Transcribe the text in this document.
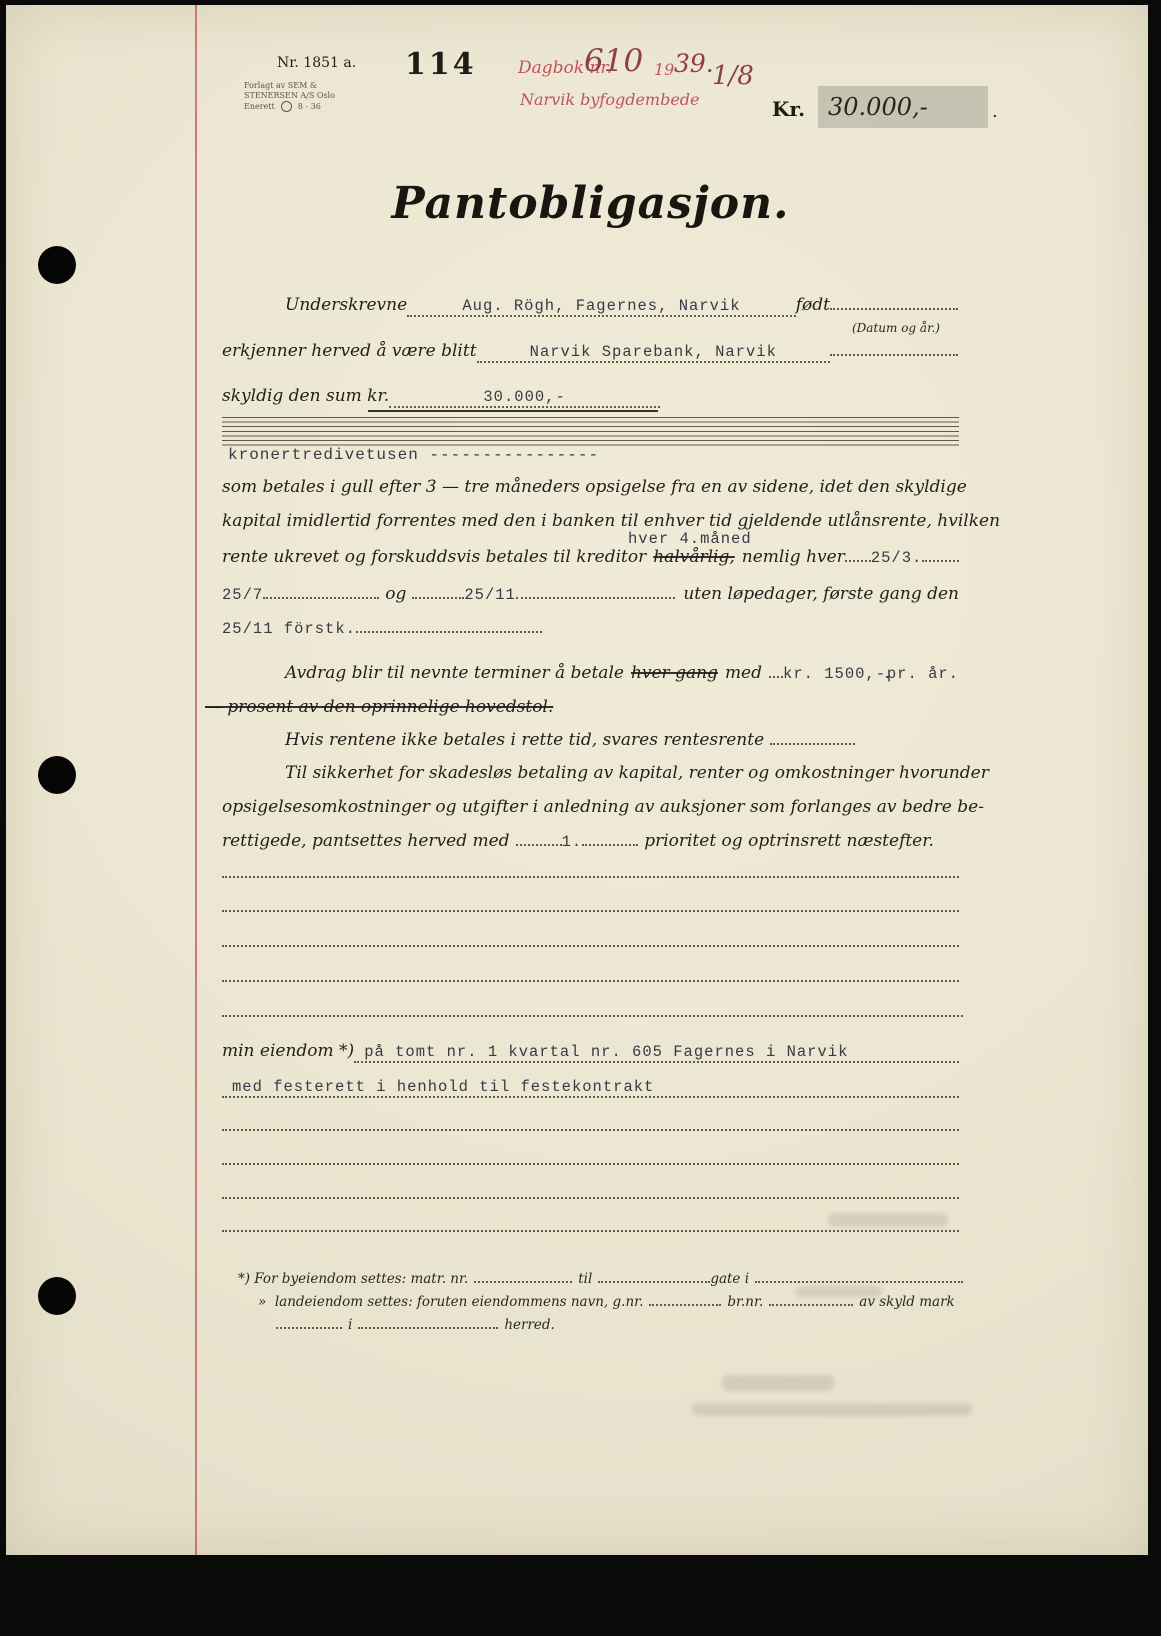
Nr. 1851 a.
Forlagt av SEM & STENERSEN A/S Oslo
Enerett	8 - 36
114 Dagbok nr.
610 19 39.
1/8
Narvik byfogdembede	Kr. 30.000,-	.
Pantobligasjon.
Underskrevne	Aug. Rögh, Fagernes, Narvik	født
(Datum og år.)
erkjenner herved å være blitt	Narvik Sparebank, Narvik
skyldig den sum kr.	30.000,-
kronertredivetusen ----------------
som betales i gull efter 3 — tre måneders opsigelse fra en av sidene, idet den skyldige
kapital imidlertid forrentes med den i banken til enhver tid gjeldende utlånsrente, hvilken
hver 4.måned
rente ukrevet og forskuddsvis betales til kreditor halvårlig, nemlig hver 25/3.
25/7	og	25/11	uten løpedager, første gang den
25/11 förstk.
Avdrag blir til nevnte terminer å betale hver gang med kr. 1500,- pr. år.
— prosent av den oprinnelige hovedstol.
Hvis rentene ikke betales i rette tid, svares rentesrente
Til sikkerhet for skadesløs betaling av kapital, renter og omkostninger hvorunder
opsigelsesomkostninger og utgifter i anledning av auksjoner som forlanges av bedre be-
rettigede, pantsettes herved med	1.	prioritet og optrinsrett næstefter.
min eiendom *) på tomt nr. 1 kvartal nr. 605 Fagernes i Narvik
med festerett i henhold til festekontrakt
*) For byeiendom settes: matr. nr.	til	gate i
»  landeiendom settes: foruten eiendommens navn, g.nr.	br.nr.	av skyld mark
i	herred.
